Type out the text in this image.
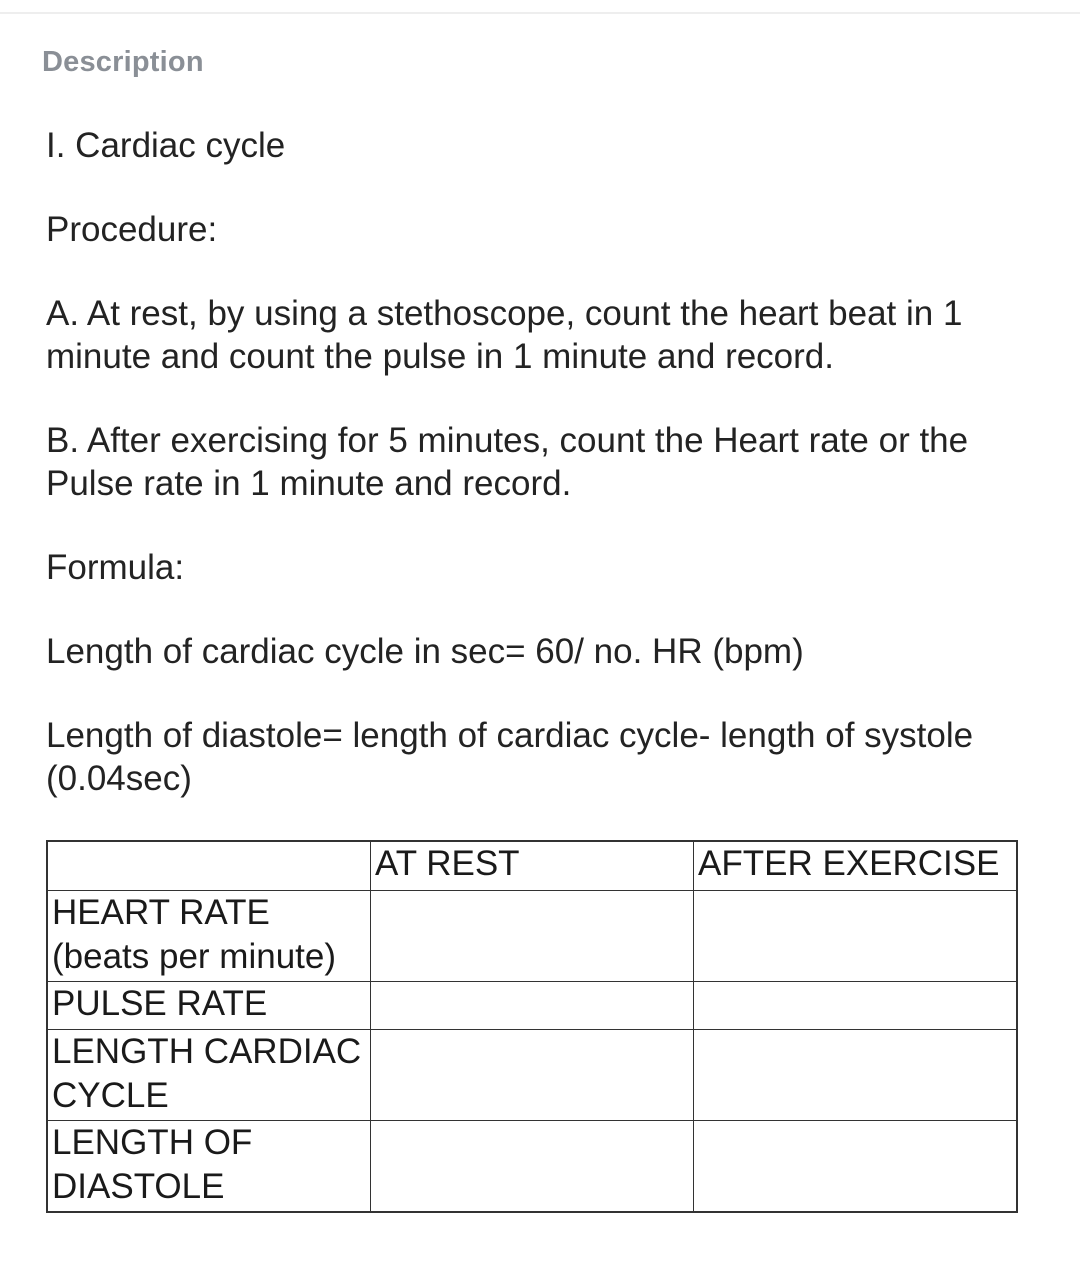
Description

I. Cardiac cycle

Procedure:

A. At rest, by using a stethoscope, count the heart beat in 1 minute and count the pulse in 1 minute and record.

B. After exercising for 5 minutes, count the Heart rate or the Pulse rate in 1 minute and record.

Formula:

Length of cardiac cycle in sec= 60/ no. HR (bpm)

Length of diastole= length of cardiac cycle- length of systole (0.04sec)

	AT REST	AFTER EXERCISE
HEART RATE (beats per minute)		
PULSE RATE		
LENGTH CARDIAC CYCLE		
LENGTH OF DIASTOLE		
